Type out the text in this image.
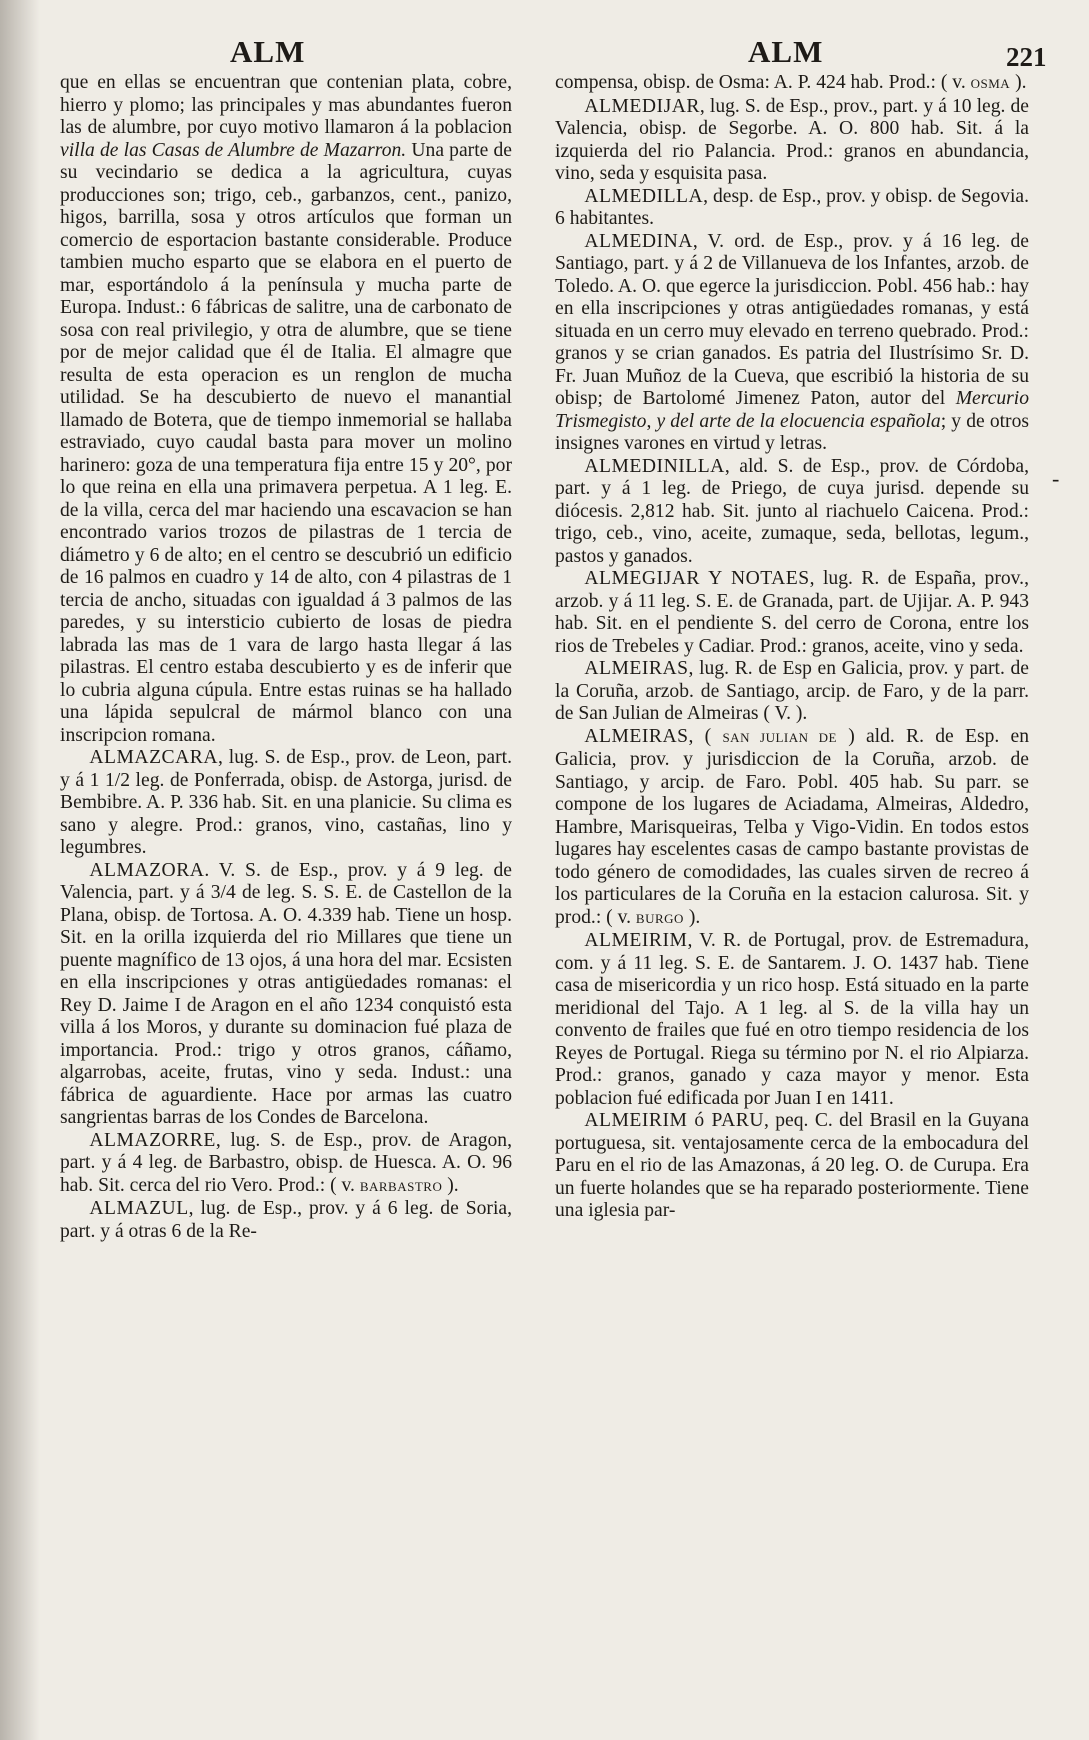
ALM	ALM	221

que en ellas se encuentran que contenian plata, cobre, hierro y plomo; las principales y mas abundantes fueron las de alumbre, por cuyo motivo llamaron á la poblacion villa de las Casas de Alumbre de Mazarron. Una parte de su vecindario se dedica a la agricultura, cuyas producciones son; trigo, ceb., garbanzos, cent., panizo, higos, barrilla, sosa y otros artículos que forman un comercio de esportacion bastante considerable. Produce tambien mucho esparto que se elabora en el puerto de mar, esportándolo á la península y mucha parte de Europa. Indust.: 6 fábricas de salitre, una de carbonato de sosa con real privilegio, y otra de alumbre, que se tiene por de mejor calidad que él de Italia. El almagre que resulta de esta operacion es un renglon de mucha utilidad. Se ha descubierto de nuevo el manantial llamado de Botета, que de tiempo inmemorial se hallaba estraviado, cuyo caudal basta para mover un molino harinero: goza de una temperatura fija entre 15 y 20°, por lo que reina en ella una primavera perpetua. A 1 leg. E. de la villa, cerca del mar haciendo una escavacion se han encontrado varios trozos de pilastras de 1 tercia de diámetro y 6 de alto; en el centro se descubrió un edificio de 16 palmos en cuadro y 14 de alto, con 4 pilastras de 1 tercia de ancho, situadas con igualdad á 3 palmos de las paredes, y su intersticio cubierto de losas de piedra labrada las mas de 1 vara de largo hasta llegar á las pilastras. El centro estaba descubierto y es de inferir que lo cubria alguna cúpula. Entre estas ruinas se ha hallado una lápida sepulcral de mármol blanco con una inscripcion romana.

ALMAZCARA, lug. S. de Esp., prov. de Leon, part. y á 1 1/2 leg. de Ponferrada, obisp. de Astorga, jurisd. de Bembibre. A. P. 336 hab. Sit. en una planicie. Su clima es sano y alegre. Prod.: granos, vino, castañas, lino y legumbres.

ALMAZORA. V. S. de Esp., prov. y á 9 leg. de Valencia, part. y á 3/4 de leg. S. S. E. de Castellon de la Plana, obisp. de Tortosa. A. O. 4.339 hab. Tiene un hosp. Sit. en la orilla izquierda del rio Millares que tiene un puente magnífico de 13 ojos, á una hora del mar. Ecsisten en ella inscripciones y otras antigüedades romanas: el Rey D. Jaime I de Aragon en el año 1234 conquistó esta villa á los Moros, y durante su dominacion fué plaza de importancia. Prod.: trigo y otros granos, cáñamo, algarrobas, aceite, frutas, vino y seda. Indust.: una fábrica de aguardiente. Hace por armas las cuatro sangrientas barras de los Condes de Barcelona.

ALMAZORRE, lug. S. de Esp., prov. de Aragon, part. y á 4 leg. de Barbastro, obisp. de Huesca. A. O. 96 hab. Sit. cerca del rio Vero. Prod.: ( v. BARBASTRO ).

ALMAZUL, lug. de Esp., prov. y á 6 leg. de Soria, part. y á otras 6 de la Re-

compensa, obisp. de Osma: A. P. 424 hab. Prod.: ( v. OSMA ).

ALMEDIJAR, lug. S. de Esp., prov., part. y á 10 leg. de Valencia, obisp. de Segorbe. A. O. 800 hab. Sit. á la izquierda del rio Palancia. Prod.: granos en abundancia, vino, seda y esquisita pasa.

ALMEDILLA, desp. de Esp., prov. y obisp. de Segovia. 6 habitantes.

ALMEDINA, V. ord. de Esp., prov. y á 16 leg. de Santiago, part. y á 2 de Villanueva de los Infantes, arzob. de Toledo. A. O. que egerce la jurisdiccion. Pobl. 456 hab.: hay en ella inscripciones y otras antigüedades romanas, y está situada en un cerro muy elevado en terreno quebrado. Prod.: granos y se crian ganados. Es patria del Ilustrísimo Sr. D. Fr. Juan Muñoz de la Cueva, que escribió la historia de su obisp; de Bartolomé Jimenez Paton, autor del Mercurio Trismegisto, y del arte de la elocuencia española; y de otros insignes varones en virtud y letras.

ALMEDINILLA, ald. S. de Esp., prov. de Córdoba, part. y á 1 leg. de Priego, de cuya jurisd. depende su diócesis. 2,812 hab. Sit. junto al riachuelo Caicena. Prod.: trigo, ceb., vino, aceite, zumaque, seda, bellotas, legum., pastos y ganados.

ALMEGIJAR Y NOTAES, lug. R. de España, prov., arzob. y á 11 leg. S. E. de Granada, part. de Ujijar. A. P. 943 hab. Sit. en el pendiente S. del cerro de Corona, entre los rios de Trebeles y Cadiar. Prod.: granos, aceite, vino y seda.

ALMEIRAS, lug. R. de Esp en Galicia, prov. y part. de la Coruña, arzob. de Santiago, arcip. de Faro, y de la parr. de San Julian de Almeiras ( V. ).

ALMEIRAS, ( SAN JULIAN DE ) ald. R. de Esp. en Galicia, prov. y jurisdiccion de la Coruña, arzob. de Santiago, y arcip. de Faro. Pobl. 405 hab. Su parr. se compone de los lugares de Aciadama, Almeiras, Aldedro, Hambre, Marisqueiras, Telba y Vigo-Vidin. En todos estos lugares hay escelentes casas de campo bastante provistas de todo género de comodidades, las cuales sirven de recreo á los particulares de la Coruña en la estacion calurosa. Sit. y prod.: ( v. BURGO ).

ALMEIRIM, V. R. de Portugal, prov. de Estremadura, com. y á 11 leg. S. E. de Santarem. J. O. 1437 hab. Tiene casa de misericordia y un rico hosp. Está situado en la parte meridional del Tajo. A 1 leg. al S. de la villa hay un convento de frailes que fué en otro tiempo residencia de los Reyes de Portugal. Riega su término por N. el rio Alpiarza. Prod.: granos, ganado y caza mayor y menor. Esta poblacion fué edificada por Juan I en 1411.

ALMEIRIM ó PARU, peq. C. del Brasil en la Guyana portuguesa, sit. ventajosamente cerca de la embocadura del Paru en el rio de las Amazonas, á 20 leg. O. de Curupa. Era un fuerte holandes que se ha reparado posteriormente. Tiene una iglesia par-

-
